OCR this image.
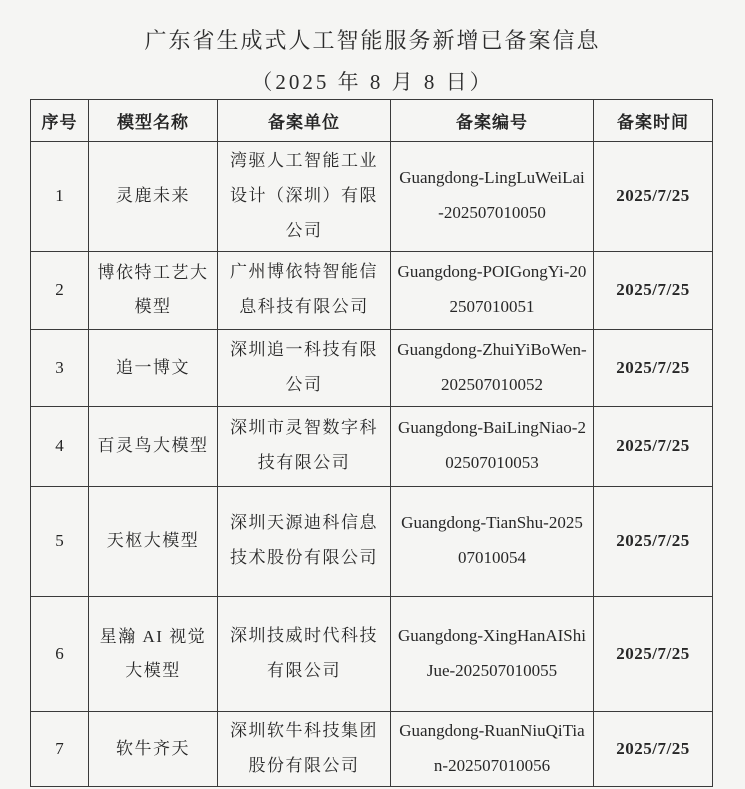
广东省生成式人工智能服务新增已备案信息
（2025 年 8 月 8 日）
序号	模型名称	备案单位	备案编号	备案时间
1	灵鹿未来	湾驱人工智能工业设计（深圳）有限公司	Guangdong-LingLuWeiLai-202507010050	2025/7/25
2	博依特工艺大模型	广州博依特智能信息科技有限公司	Guangdong-POIGongYi-202507010051	2025/7/25
3	追一博文	深圳追一科技有限公司	Guangdong-ZhuiYiBoWen-202507010052	2025/7/25
4	百灵鸟大模型	深圳市灵智数字科技有限公司	Guangdong-BaiLingNiao-202507010053	2025/7/25
5	天枢大模型	深圳天源迪科信息技术股份有限公司	Guangdong-TianShu-202507010054	2025/7/25
6	星瀚 AI 视觉大模型	深圳技威时代科技有限公司	Guangdong-XingHanAIShiJue-202507010055	2025/7/25
7	软牛齐天	深圳软牛科技集团股份有限公司	Guangdong-RuanNiuQiTian-202507010056	2025/7/25
